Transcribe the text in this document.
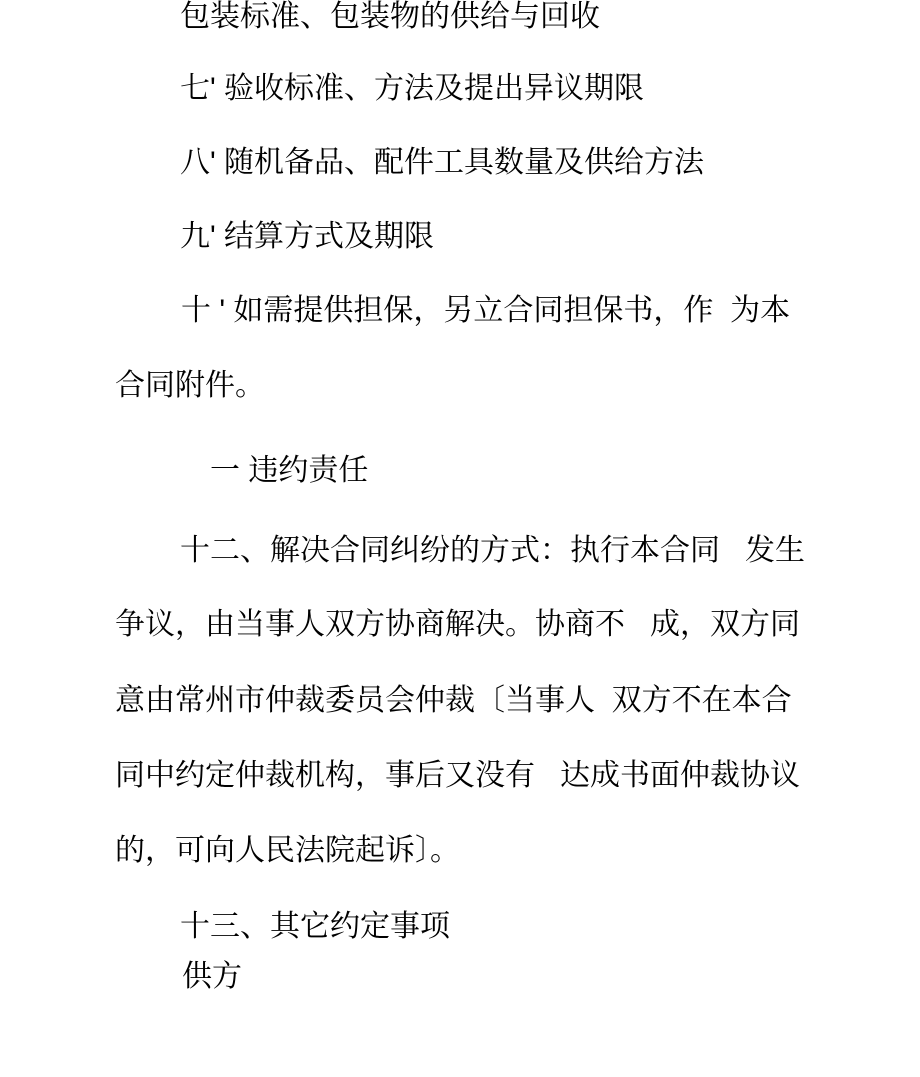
包装标准、包装物的供给与回收
七' 验收标准、方法及提出异议期限
八' 随机备品、配件工具数量及供给方法
九' 结算方式及期限
十 ' 如需提供担保，另立合同担保书，作  为本
合同附件。
一 违约责任
十二、解决合同纠纷的方式：执行本合同   发生
争议，由当事人双方协商解决。协商不   成，双方同
意由常州市仲裁委员会仲裁〔当事人  双方不在本合
同中约定仲裁机构，事后又没有   达成书面仲裁协议
的，可向人民法院起诉〕。
十三、其它约定事项
供方
